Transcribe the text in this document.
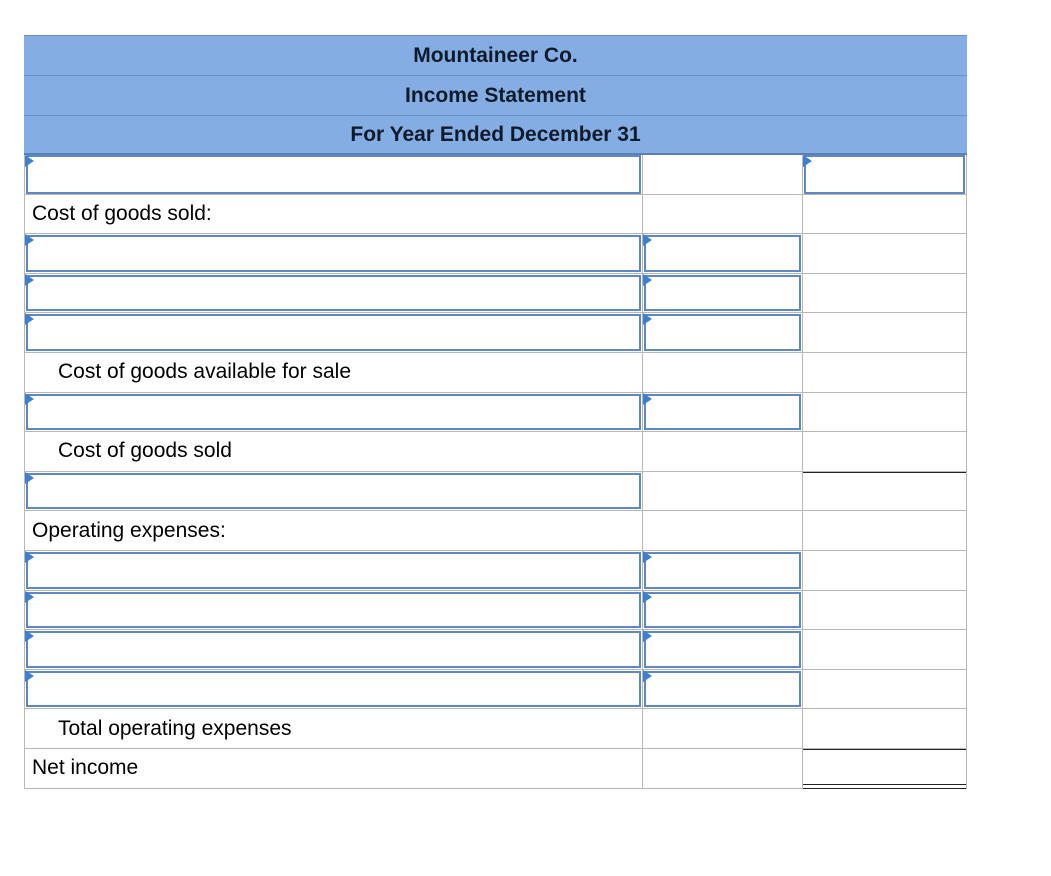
Mountaineer Co.
Income Statement
For Year Ended December 31
Cost of goods sold:
Cost of goods available for sale
Cost of goods sold
Operating expenses:
Total operating expenses
Net income
